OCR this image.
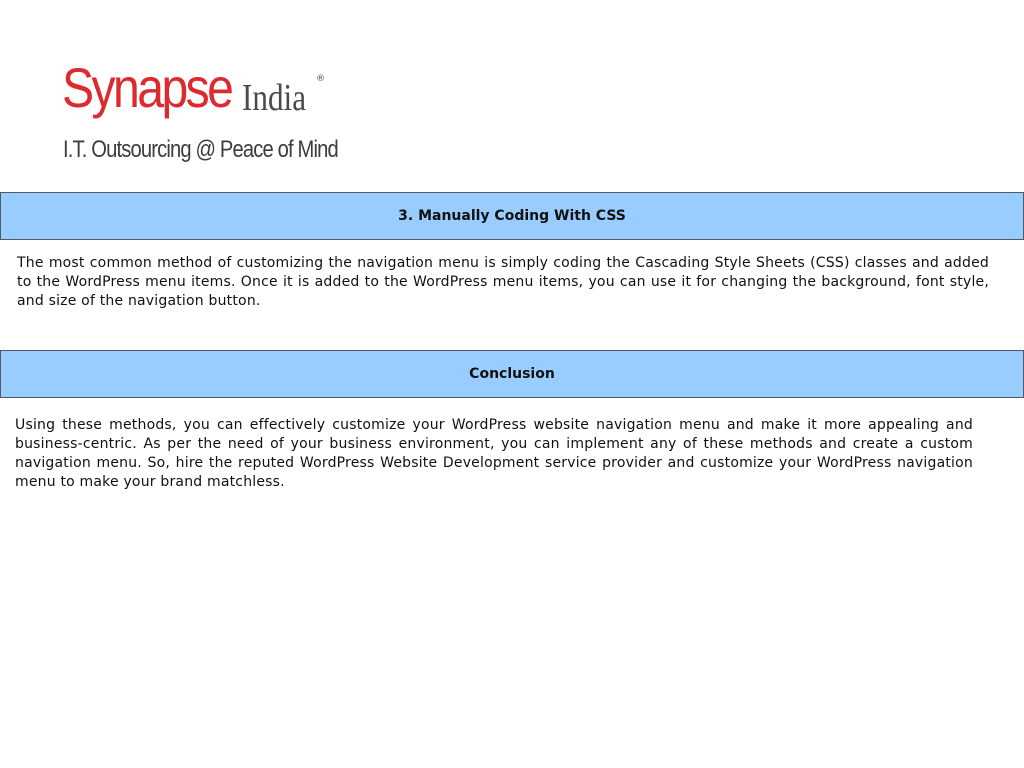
Synapse India ®
I.T. Outsourcing @ Peace of Mind
3. Manually Coding With CSS

The most common method of customizing the navigation menu is simply coding the Cascading Style Sheets (CSS) classes and added to the WordPress menu items. Once it is added to the WordPress menu items, you can use it for changing the background, font style, and size of the navigation button.

Conclusion

Using these methods, you can effectively customize your WordPress website navigation menu and make it more appealing and business-centric. As per the need of your business environment, you can implement any of these methods and create a custom navigation menu. So, hire the reputed WordPress Website Development service provider and customize your WordPress navigation menu to make your brand matchless.
